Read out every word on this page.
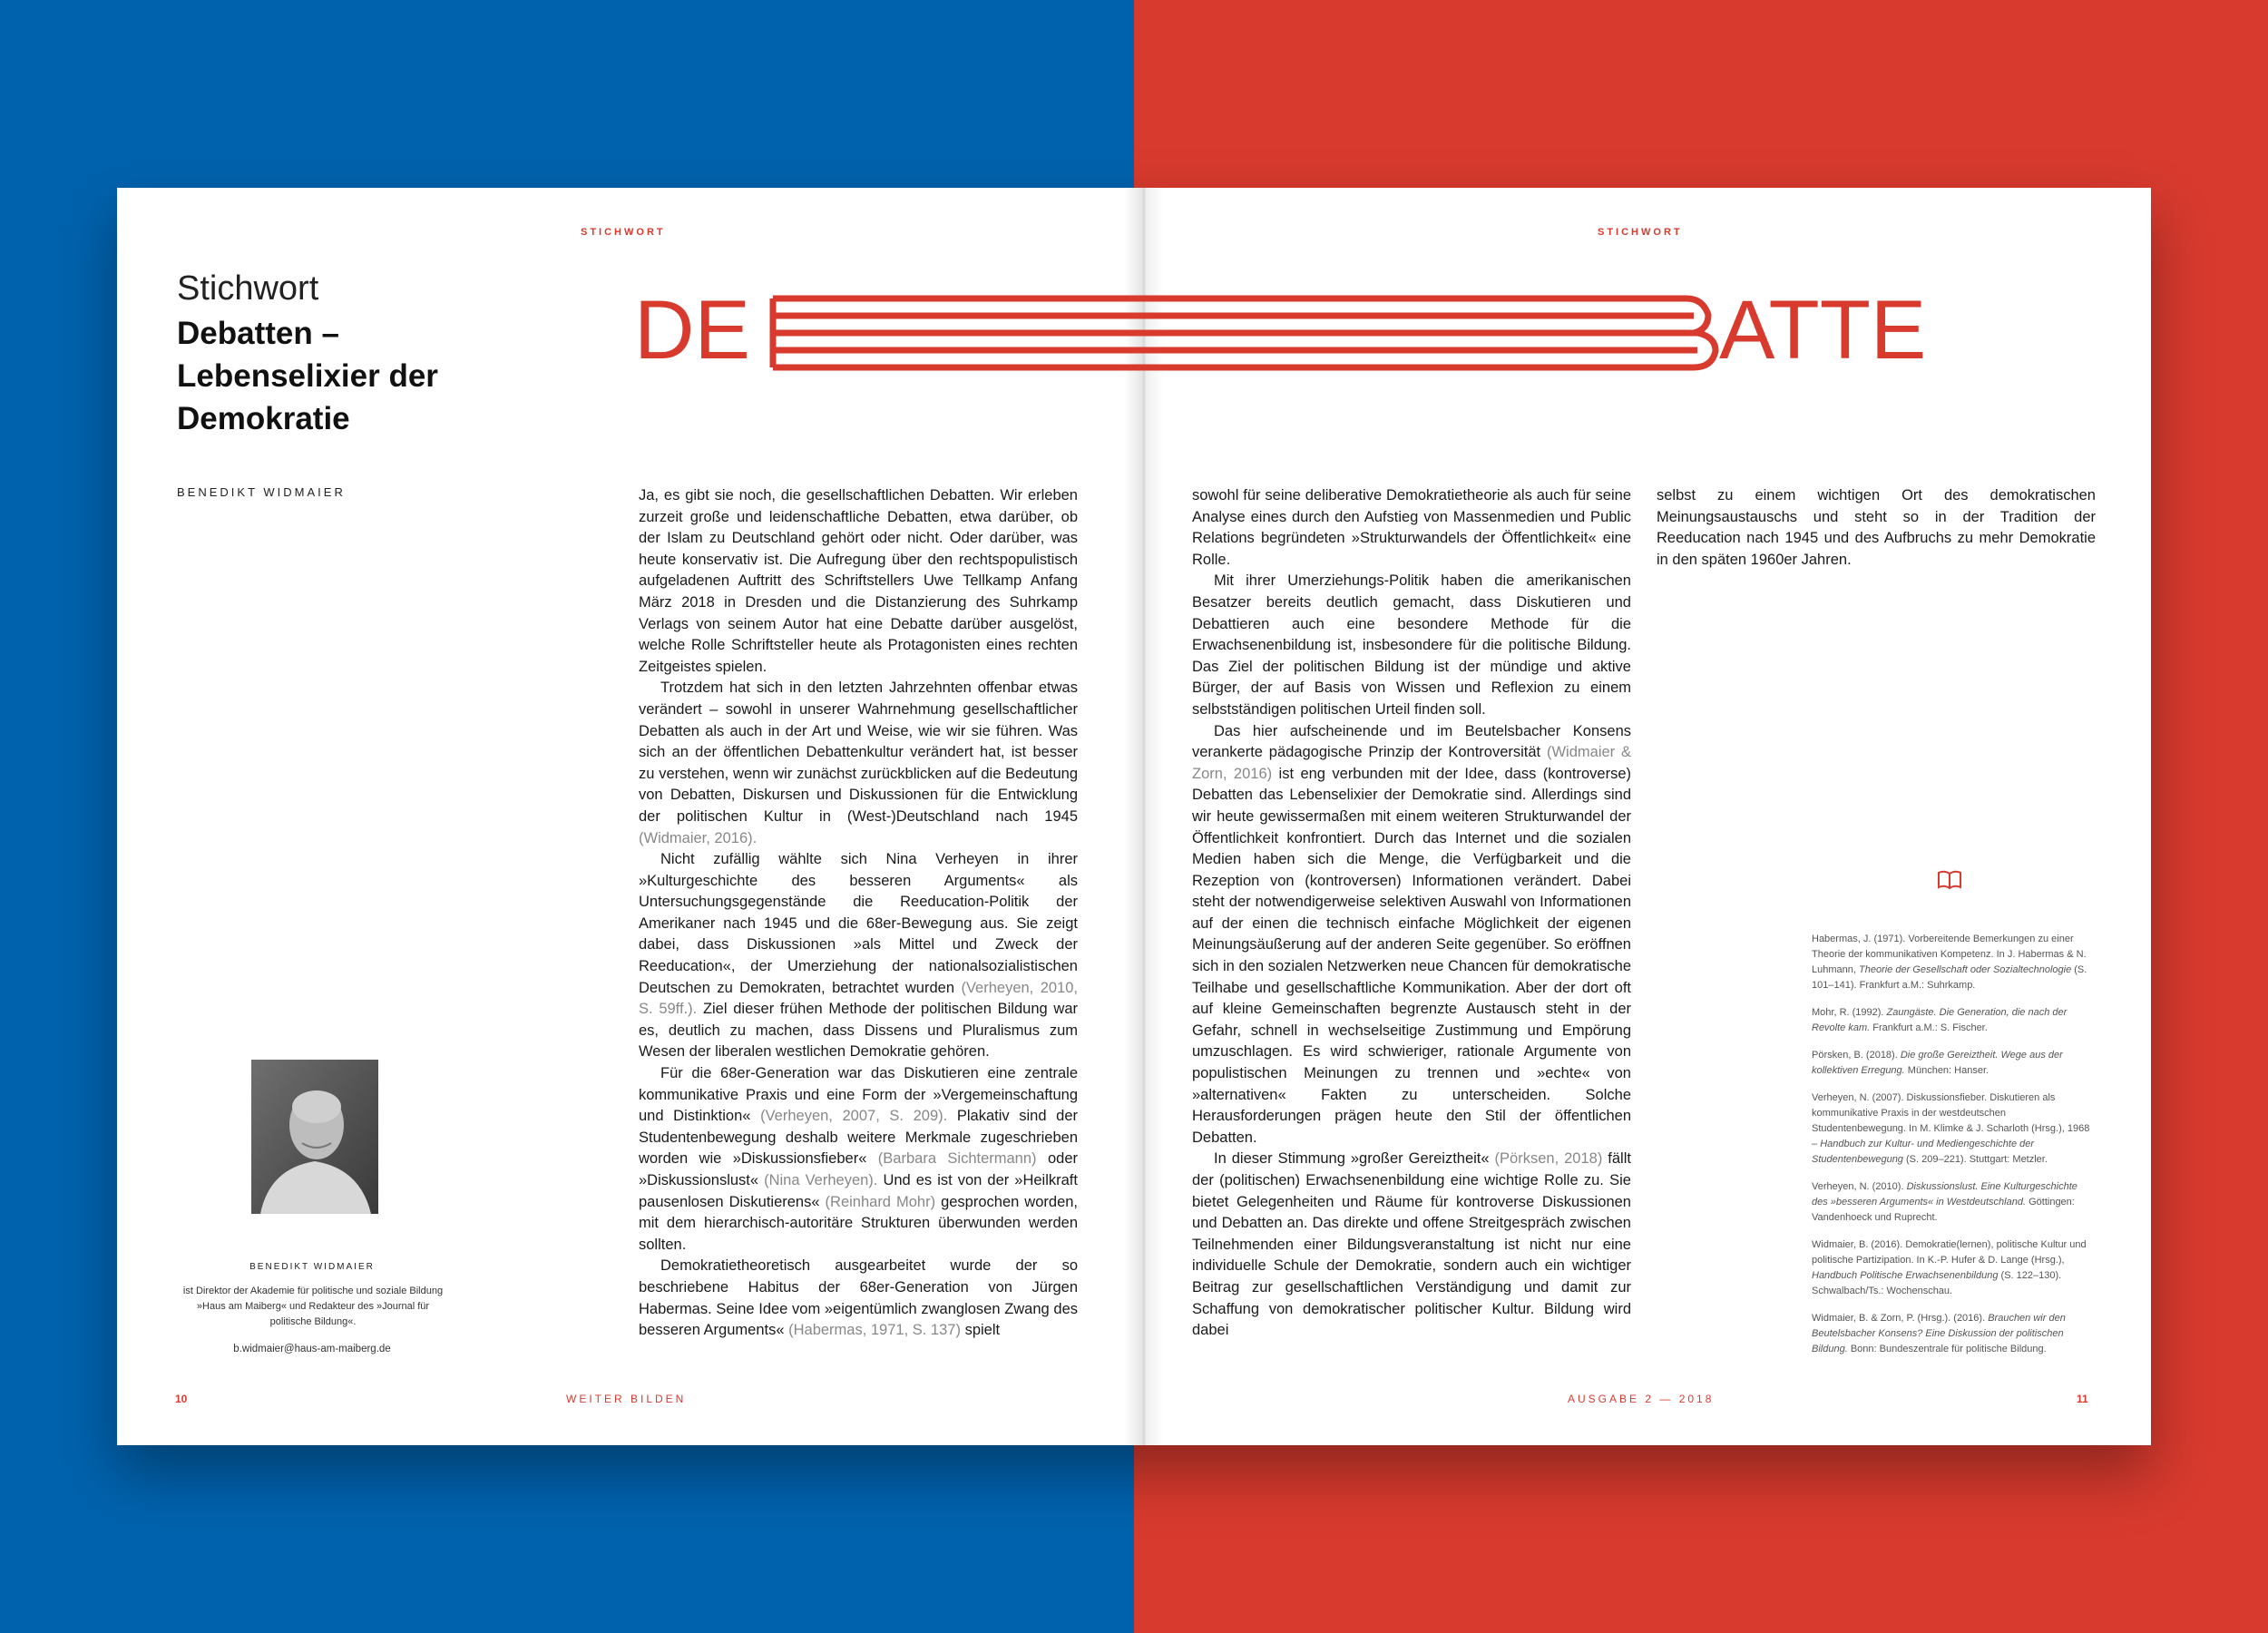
STICHWORT	STICHWORT
DE	ATTE
Stichwort
Debatten – Lebenselixier der Demokratie
BENEDIKT WIDMAIER
BENEDIKT WIDMAIER
ist Direktor der Akademie für politische und soziale Bildung »Haus am Maiberg« und Redakteur des »Journal für politische Bildung«.
b.widmaier@haus-am-maiberg.de

Ja, es gibt sie noch, die gesellschaftlichen Debatten. Wir erleben zurzeit große und leidenschaftliche Debatten, etwa darüber, ob der Islam zu Deutschland gehört oder nicht. Oder darüber, was heute konservativ ist. Die Aufregung über den rechtspopulistisch aufgeladenen Auftritt des Schriftstellers Uwe Tellkamp Anfang März 2018 in Dresden und die Distanzierung des Suhrkamp Verlags von seinem Autor hat eine Debatte darüber ausgelöst, welche Rolle Schriftsteller heute als Protagonisten eines rechten Zeitgeistes spielen.

Trotzdem hat sich in den letzten Jahrzehnten offenbar etwas verändert – sowohl in unserer Wahrnehmung gesellschaftlicher Debatten als auch in der Art und Weise, wie wir sie führen. Was sich an der öffentlichen Debattenkultur verändert hat, ist besser zu verstehen, wenn wir zunächst zurückblicken auf die Bedeutung von Debatten, Diskursen und Diskussionen für die Entwicklung der politischen Kultur in (West-)Deutschland nach 1945 (Widmaier, 2016).

Nicht zufällig wählte sich Nina Verheyen in ihrer »Kulturgeschichte des besseren Arguments« als Untersuchungsgegenstände die Reeducation-Politik der Amerikaner nach 1945 und die 68er-Bewegung aus. Sie zeigt dabei, dass Diskussionen »als Mittel und Zweck der Reeducation«, der Umerziehung der nationalsozialistischen Deutschen zu Demokraten, betrachtet wurden (Verheyen, 2010, S. 59ff.). Ziel dieser frühen Methode der politischen Bildung war es, deutlich zu machen, dass Dissens und Pluralismus zum Wesen der liberalen westlichen Demokratie gehören.

Für die 68er-Generation war das Diskutieren eine zentrale kommunikative Praxis und eine Form der »Vergemeinschaftung und Distinktion« (Verheyen, 2007, S. 209). Plakativ sind der Studentenbewegung deshalb weitere Merkmale zugeschrieben worden wie »Diskussionsfieber« (Barbara Sichtermann) oder »Diskussionslust« (Nina Verheyen). Und es ist von der »Heilkraft pausenlosen Diskutierens« (Reinhard Mohr) gesprochen worden, mit dem hierarchisch-autoritäre Strukturen überwunden werden sollten.

Demokratietheoretisch ausgearbeitet wurde der so beschriebene Habitus der 68er-Generation von Jürgen Habermas. Seine Idee vom »eigentümlich zwanglosen Zwang des besseren Arguments« (Habermas, 1971, S. 137) spielt

sowohl für seine deliberative Demokratietheorie als auch für seine Analyse eines durch den Aufstieg von Massenmedien und Public Relations begründeten »Strukturwandels der Öffentlichkeit« eine Rolle.

Mit ihrer Umerziehungs-Politik haben die amerikanischen Besatzer bereits deutlich gemacht, dass Diskutieren und Debattieren auch eine besondere Methode für die Erwachsenenbildung ist, insbesondere für die politische Bildung. Das Ziel der politischen Bildung ist der mündige und aktive Bürger, der auf Basis von Wissen und Reflexion zu einem selbstständigen politischen Urteil finden soll.

Das hier aufscheinende und im Beutelsbacher Konsens verankerte pädagogische Prinzip der Kontroversität (Widmaier & Zorn, 2016) ist eng verbunden mit der Idee, dass (kontroverse) Debatten das Lebenselixier der Demokratie sind. Allerdings sind wir heute gewissermaßen mit einem weiteren Strukturwandel der Öffentlichkeit konfrontiert. Durch das Internet und die sozialen Medien haben sich die Menge, die Verfügbarkeit und die Rezeption von (kontroversen) Informationen verändert. Dabei steht der notwendigerweise selektiven Auswahl von Informationen auf der einen die technisch einfache Möglichkeit der eigenen Meinungsäußerung auf der anderen Seite gegenüber. So eröffnen sich in den sozialen Netzwerken neue Chancen für demokratische Teilhabe und gesellschaftliche Kommunikation. Aber der dort oft auf kleine Gemeinschaften begrenzte Austausch steht in der Gefahr, schnell in wechselseitige Zustimmung und Empörung umzuschlagen. Es wird schwieriger, rationale Argumente von populistischen Meinungen zu trennen und »echte« von »alternativen« Fakten zu unterscheiden. Solche Herausforderungen prägen heute den Stil der öffentlichen Debatten.

In dieser Stimmung »großer Gereiztheit« (Pörksen, 2018) fällt der (politischen) Erwachsenenbildung eine wichtige Rolle zu. Sie bietet Gelegenheiten und Räume für kontroverse Diskussionen und Debatten an. Das direkte und offene Streitgespräch zwischen Teilnehmenden einer Bildungsveranstaltung ist nicht nur eine individuelle Schule der Demokratie, sondern auch ein wichtiger Beitrag zur gesellschaftlichen Verständigung und damit zur Schaffung von demokratischer politischer Kultur. Bildung wird dabei

selbst zu einem wichtigen Ort des demokratischen Meinungsaustauschs und steht so in der Tradition der Reeducation nach 1945 und des Aufbruchs zu mehr Demokratie in den späten 1960er Jahren.

Habermas, J. (1971). Vorbereitende Bemerkungen zu einer Theorie der kommunikativen Kompetenz. In J. Habermas & N. Luhmann, Theorie der Gesellschaft oder Sozialtechnologie (S. 101–141). Frankfurt a.M.: Suhrkamp.

Mohr, R. (1992). Zaungäste. Die Generation, die nach der Revolte kam. Frankfurt a.M.: S. Fischer.

Pörsken, B. (2018). Die große Gereiztheit. Wege aus der kollektiven Erregung. München: Hanser.

Verheyen, N. (2007). Diskussionsfieber. Diskutieren als kommunikative Praxis in der westdeutschen Studentenbewegung. In M. Klimke & J. Scharloth (Hrsg.), 1968 – Handbuch zur Kultur- und Mediengeschichte der Studentenbewegung (S. 209–221). Stuttgart: Metzler.

Verheyen, N. (2010). Diskussionslust. Eine Kulturgeschichte des »besseren Arguments« in Westdeutschland. Göttingen: Vandenhoeck und Ruprecht.

Widmaier, B. (2016). Demokratie(lernen), politische Kultur und politische Partizipation. In K.-P. Hufer & D. Lange (Hrsg.), Handbuch Politische Erwachsenenbildung (S. 122–130). Schwalbach/Ts.: Wochenschau.

Widmaier, B. & Zorn, P. (Hrsg.). (2016). Brauchen wir den Beutelsbacher Konsens? Eine Diskussion der politischen Bildung. Bonn: Bundeszentrale für politische Bildung.

10	WEITER BILDEN	AUSGABE 2 — 2018	11
